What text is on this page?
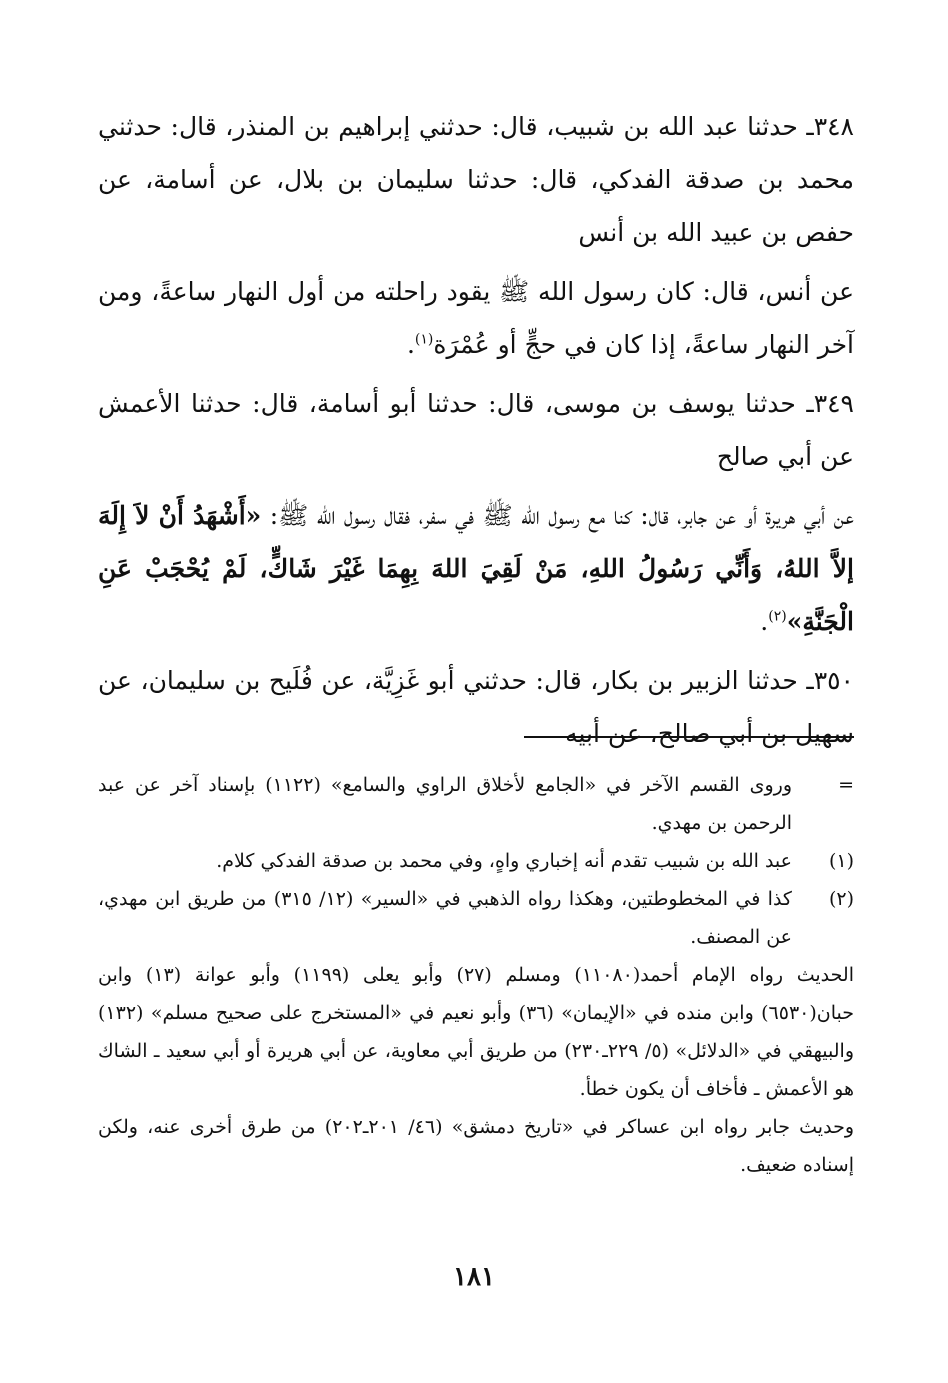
٣٤٨ـ حدثنا عبد الله بن شبيب، قال: حدثني إبراهيم بن المنذر، قال: حدثني محمد بن صدقة الفدكي، قال: حدثنا سليمان بن بلال، عن أسامة، عن حفص بن عبيد الله بن أنس

عن أنس، قال: كان رسول الله ﷺ يقود راحلته من أول النهار ساعةً، ومن آخر النهار ساعةً، إذا كان في حجٍّ أو عُمْرَة$^{(١)}$.

٣٤٩ـ حدثنا يوسف بن موسى، قال: حدثنا أبو أسامة، قال: حدثنا الأعمش عن أبي صالح

عن أبي هريرة أو عن جابر، قال: كنا مع رسول الله ﷺ في سفر، فقال رسول الله ﷺ: «أَشْهَدُ أَنْ لاَ إِلَهَ إلاَّ اللهُ، وَأَنِّي رَسُولُ اللهِ، مَنْ لَقِيَ اللهَ بِهِمَا غَيْرَ شَاكٍّ، لَمْ يُحْجَبْ عَنِ الْجَنَّةِ»$^{(٢)}$.

٣٥٠ـ حدثنا الزبير بن بكار، قال: حدثني أبو غَزِيَّة، عن فُلَيح بن سليمان، عن سهيل بن أبي صالح، عن أبيه

=
وروى القسم الآخر في «الجامع لأخلاق الراوي والسامع» (١١٢٢) بإسناد آخر عن عبد الرحمن بن مهدي.

(١)
عبد الله بن شبيب تقدم أنه إخباري واهٍ، وفي محمد بن صدقة الفدكي كلام.

(٢)
كذا في المخطوطتين، وهكذا رواه الذهبي في «السير» (١٢/ ٣١٥) من طريق ابن مهدي، عن المصنف.

الحديث رواه الإمام أحمد(١١٠٨٠) ومسلم (٢٧) وأبو يعلى (١١٩٩) وأبو عوانة (١٣) وابن حبان(٦٥٣٠) وابن منده في «الإيمان» (٣٦) وأبو نعيم في «المستخرج على صحيح مسلم» (١٣٢) والبيهقي في «الدلائل» (٥/ ٢٢٩ـ٢٣٠) من طريق أبي معاوية، عن أبي هريرة أو أبي سعيد ـ الشاك هو الأعمش ـ فأخاف أن يكون خطأ.

وحديث جابر رواه ابن عساكر في «تاريخ دمشق» (٤٦/ ٢٠١ـ٢٠٢) من طرق أخرى عنه، ولكن إسناده ضعيف.

١٨١
